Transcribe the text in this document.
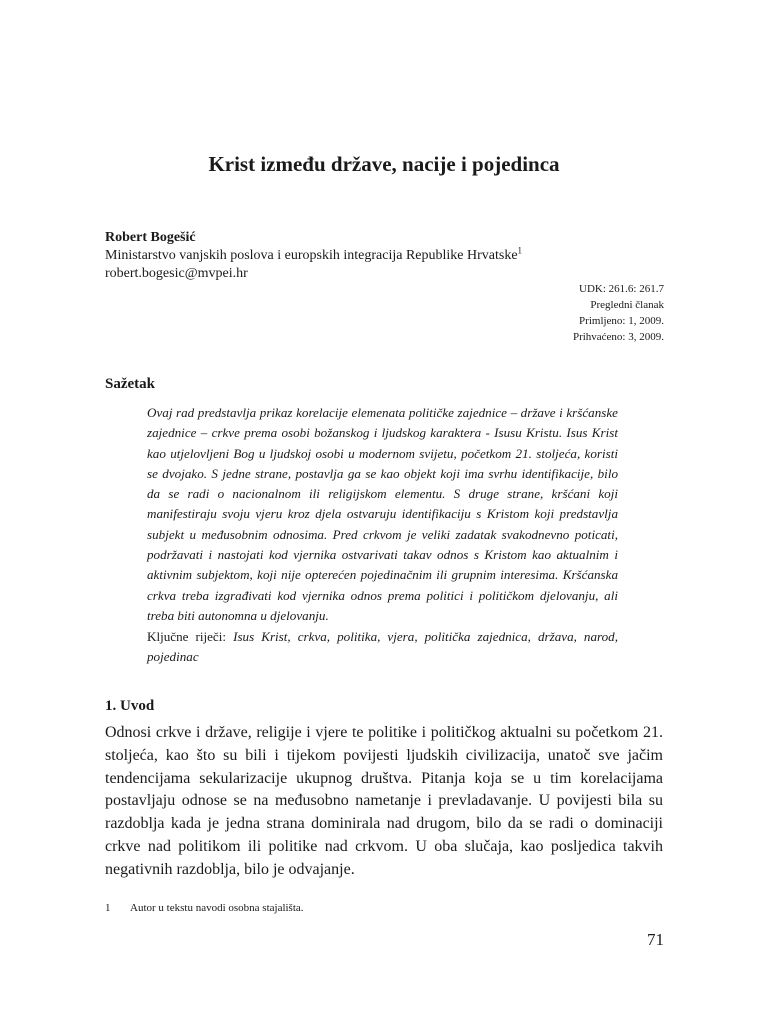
Krist između države, nacije i pojedinca
Robert Bogešić
Ministarstvo vanjskih poslova i europskih integracija Republike Hrvatske$^1$
robert.bogesic@mvpei.hr
UDK: 261.6: 261.7
Pregledni članak
Primljeno: 1, 2009.
Prihvaćeno: 3, 2009.
Sažetak

Ovaj rad predstavlja prikaz korelacije elemenata političke zajednice – države i kršćanske zajednice – crkve prema osobi božanskog i ljudskog karaktera - Isusu Kristu. Isus Krist kao utjelovljeni Bog u ljudskoj osobi u modernom svijetu, početkom 21. stoljeća, koristi se dvojako. S jedne strane, postavlja ga se kao objekt koji ima svrhu identifikacije, bilo da se radi o nacionalnom ili religijskom elementu. S druge strane, kršćani koji manifestiraju svoju vjeru kroz djela ostvaruju identifikaciju s Kristom koji predstavlja subjekt u međusobnim odnosima. Pred crkvom je veliki zadatak svakodnevno poticati, podržavati i nastojati kod vjernika ostvarivati takav odnos s Kristom kao aktualnim i aktivnim subjektom, koji nije opterećen pojedinačnim ili grupnim interesima. Kršćanska crkva treba izgrađivati kod vjernika odnos prema politici i političkom djelovanju, ali treba biti autonomna u djelovanju.

Ključne riječi: Isus Krist, crkva, politika, vjera, politička zajednica, država, narod, pojedinac

1. Uvod

Odnosi crkve i države, religije i vjere te politike i političkog aktualni su početkom 21. stoljeća, kao što su bili i tijekom povijesti ljudskih civilizacija, unatoč sve jačim tendencijama sekularizacije ukupnog društva. Pitanja koja se u tim korelacijama postavljaju odnose se na međusobno nametanje i prevladavanje. U povijesti bila su razdoblja kada je jedna strana dominirala nad drugom, bilo da se radi o dominaciji crkve nad politikom ili politike nad crkvom. U oba slučaja, kao posljedica takvih negativnih razdoblja, bilo je odvajanje.

1 Autor u tekstu navodi osobna stajališta.
71
